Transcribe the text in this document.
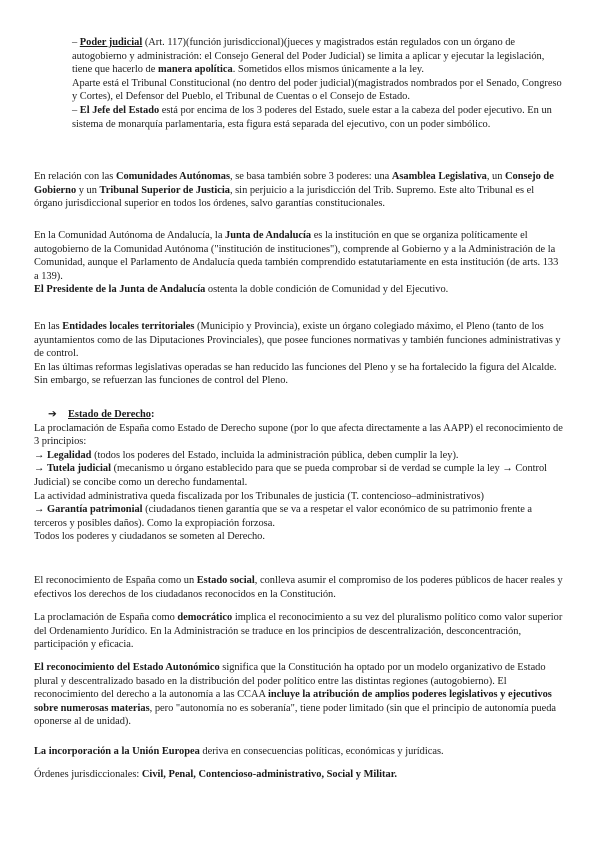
– Poder judicial (Art. 117)(función jurisdiccional)(jueces y magistrados están regulados con un órgano de autogobierno y administración: el Consejo General del Poder Judicial) se limita a aplicar y ejecutar la legislación, tiene que hacerlo de manera apolítica. Sometidos ellos mismos únicamente a la ley.

Aparte está el Tribunal Constitucional (no dentro del poder judicial)(magistrados nombrados por el Senado, Congreso y Cortes), el Defensor del Pueblo, el Tribunal de Cuentas o el Consejo de Estado.

– El Jefe del Estado está por encima de los 3 poderes del Estado, suele estar a la cabeza del poder ejecutivo. En un sistema de monarquía parlamentaria, esta figura está separada del ejecutivo, con un poder simbólico.

En relación con las Comunidades Autónomas, se basa también sobre 3 poderes: una Asamblea Legislativa, un Consejo de Gobierno y un Tribunal Superior de Justicia, sin perjuicio a la jurisdicción del Trib. Supremo. Este alto Tribunal es el órgano jurisdiccional superior en todos los órdenes, salvo garantías constitucionales.

En la Comunidad Autónoma de Andalucía, la Junta de Andalucía es la institución en que se organiza políticamente el autogobierno de la Comunidad Autónoma ("institución de instituciones"), comprende al Gobierno y a la Administración de la Comunidad, aunque el Parlamento de Andalucía queda también comprendido estatutariamente en esta institución (de arts. 133 a 139).

El Presidente de la Junta de Andalucía ostenta la doble condición de Comunidad y del Ejecutivo.

En las Entidades locales territoriales (Municipio y Provincia), existe un órgano colegiado máximo, el Pleno (tanto de los ayuntamientos como de las Diputaciones Provinciales), que posee funciones normativas y también funciones administrativas y de control.

En las últimas reformas legislativas operadas se han reducido las funciones del Pleno y se ha fortalecido la figura del Alcalde. Sin embargo, se refuerzan las funciones de control del Pleno.

➔ Estado de Derecho:

La proclamación de España como Estado de Derecho supone (por lo que afecta directamente a las AAPP) el reconocimiento de 3 principios:

→ Legalidad (todos los poderes del Estado, incluida la administración pública, deben cumplir la ley).

→ Tutela judicial (mecanismo u órgano establecido para que se pueda comprobar si de verdad se cumple la ley → Control Judicial) se concibe como un derecho fundamental.

La actividad administrativa queda fiscalizada por los Tribunales de justicia (T. contencioso–administrativos)

→ Garantía patrimonial (ciudadanos tienen garantía que se va a respetar el valor económico de su patrimonio frente a terceros y posibles daños). Como la expropiación forzosa.

Todos los poderes y ciudadanos se someten al Derecho.

El reconocimiento de España como un Estado social, conlleva asumir el compromiso de los poderes públicos de hacer reales y efectivos los derechos de los ciudadanos reconocidos en la Constitución.

La proclamación de España como democrático implica el reconocimiento a su vez del pluralismo político como valor superior del Ordenamiento Jurídico. En la Administración se traduce en los principios de descentralización, desconcentración, participación y eficacia.

El reconocimiento del Estado Autonómico significa que la Constitución ha optado por un modelo organizativo de Estado plural y descentralizado basado en la distribución del poder político entre las distintas regiones (autogobierno). El reconocimiento del derecho a la autonomía a las CCAA incluye la atribución de amplios poderes legislativos y ejecutivos sobre numerosas materias, pero "autonomía no es soberanía", tiene poder limitado (sin que el principio de autonomía pueda oponerse al de unidad).

La incorporación a la Unión Europea deriva en consecuencias políticas, económicas y jurídicas.

Órdenes jurisdiccionales: Civil, Penal, Contencioso-administrativo, Social y Militar.
